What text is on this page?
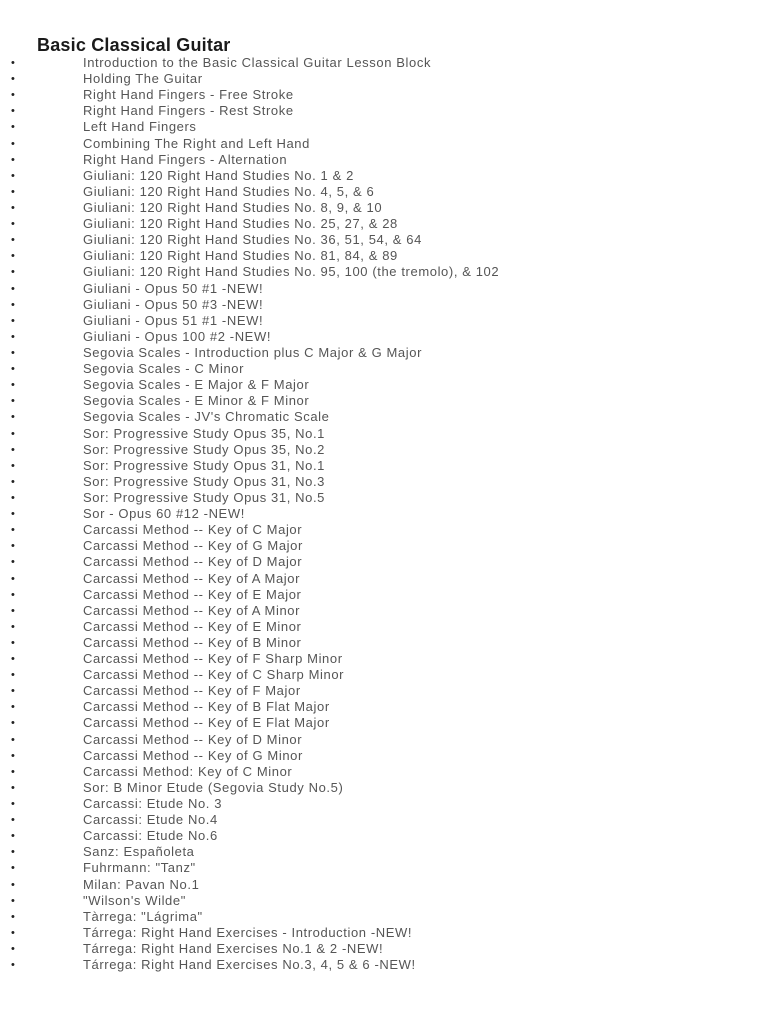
Basic Classical Guitar
•	Introduction to the Basic Classical Guitar Lesson Block
•	Holding The Guitar
•	Right Hand Fingers - Free Stroke
•	Right Hand Fingers - Rest Stroke
•	Left Hand Fingers
•	Combining The Right and Left Hand
•	Right Hand Fingers - Alternation
•	Giuliani: 120 Right Hand Studies No. 1 & 2
•	Giuliani: 120 Right Hand Studies No. 4, 5, & 6
•	Giuliani: 120 Right Hand Studies No. 8, 9, & 10
•	Giuliani: 120 Right Hand Studies No. 25, 27, & 28
•	Giuliani: 120 Right Hand Studies No. 36, 51, 54, & 64
•	Giuliani: 120 Right Hand Studies No. 81, 84, & 89
•	Giuliani: 120 Right Hand Studies No. 95, 100 (the tremolo), & 102
•	Giuliani - Opus 50 #1 -NEW!
•	Giuliani - Opus 50 #3 -NEW!
•	Giuliani - Opus 51 #1 -NEW!
•	Giuliani - Opus 100 #2 -NEW!
•	Segovia Scales - Introduction plus C Major & G Major
•	Segovia Scales - C Minor
•	Segovia Scales - E Major & F Major
•	Segovia Scales - E Minor & F Minor
•	Segovia Scales - JV's Chromatic Scale
•	Sor: Progressive Study Opus 35, No.1
•	Sor: Progressive Study Opus 35, No.2
•	Sor: Progressive Study Opus 31, No.1
•	Sor: Progressive Study Opus 31, No.3
•	Sor: Progressive Study Opus 31, No.5
•	Sor - Opus 60 #12 -NEW!
•	Carcassi Method -- Key of C Major
•	Carcassi Method -- Key of G Major
•	Carcassi Method -- Key of D Major
•	Carcassi Method -- Key of A Major
•	Carcassi Method -- Key of E Major
•	Carcassi Method -- Key of A Minor
•	Carcassi Method -- Key of E Minor
•	Carcassi Method -- Key of B Minor
•	Carcassi Method -- Key of F Sharp Minor
•	Carcassi Method -- Key of C Sharp Minor
•	Carcassi Method -- Key of F Major
•	Carcassi Method -- Key of B Flat Major
•	Carcassi Method -- Key of E Flat Major
•	Carcassi Method -- Key of D Minor
•	Carcassi Method -- Key of G Minor
•	Carcassi Method: Key of C Minor
•	Sor: B Minor Etude (Segovia Study No.5)
•	Carcassi: Etude No. 3
•	Carcassi: Etude No.4
•	Carcassi: Etude No.6
•	Sanz: Españoleta
•	Fuhrmann: "Tanz"
•	Milan: Pavan No.1
•	"Wilson's Wilde"
•	Tàrrega: "Lágrima"
•	Tárrega: Right Hand Exercises - Introduction -NEW!
•	Tárrega: Right Hand Exercises No.1 & 2 -NEW!
•	Tárrega: Right Hand Exercises No.3, 4, 5 & 6 -NEW!
